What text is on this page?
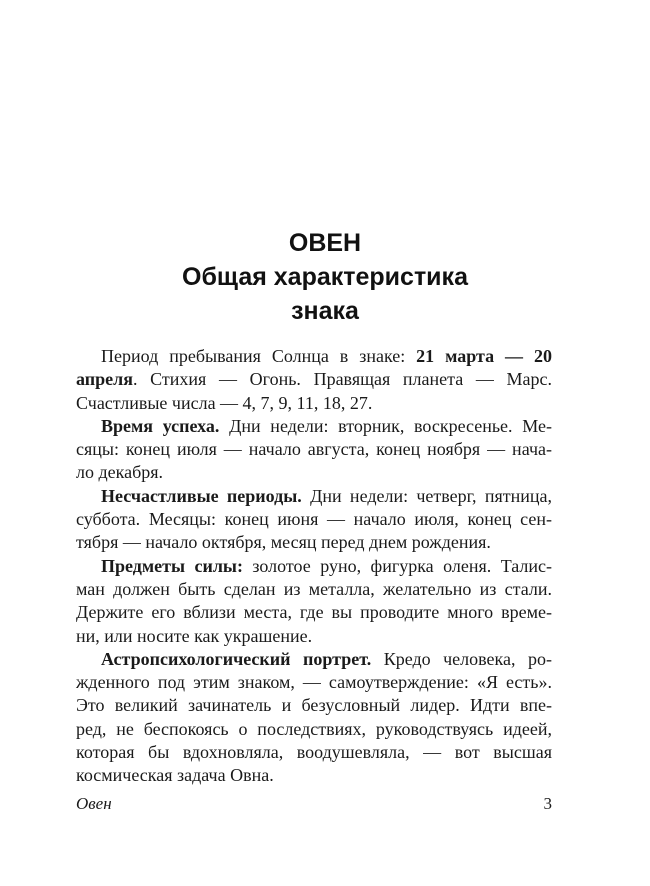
ОВЕН
Общая характеристика
знака
Период пребывания Солнца в знаке: 21 марта — 20
апреля. Стихия — Огонь. Правящая планета — Марс.
Счастливые числа — 4, 7, 9, 11, 18, 27.
Время успеха. Дни недели: вторник, воскресенье. Ме-
сяцы: конец июля — начало августа, конец ноября — нача-
ло декабря.
Несчастливые периоды. Дни недели: четверг, пятница,
суббота. Месяцы: конец июня — начало июля, конец сен-
тября — начало октября, месяц перед днем рождения.
Предметы силы: золотое руно, фигурка оленя. Талис-
ман должен быть сделан из металла, желательно из стали.
Держите его вблизи места, где вы проводите много време-
ни, или носите как украшение.
Астропсихологический портрет. Кредо человека, ро-
жденного под этим знаком, — самоутверждение: «Я есть».
Это великий зачинатель и безусловный лидер. Идти впе-
ред, не беспокоясь о последствиях, руководствуясь идеей,
которая бы вдохновляла, воодушевляла, — вот высшая
космическая задача Овна.
Овен	3
